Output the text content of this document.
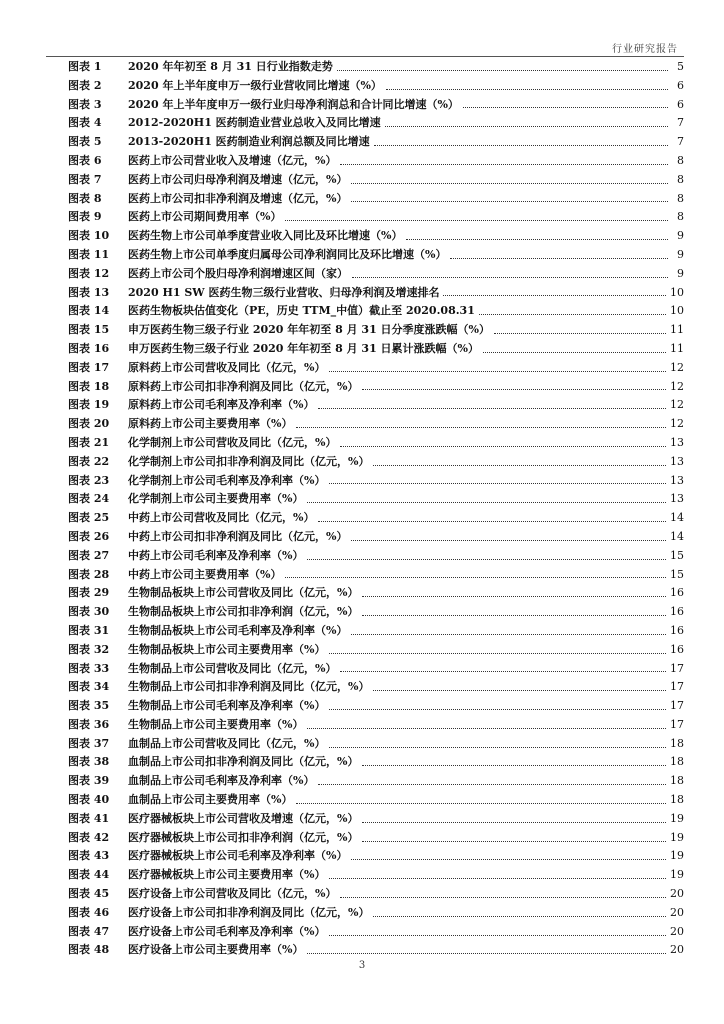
行业研究报告
图表 1	2020 年年初至 8 月 31 日行业指数走势	5
图表 2	2020 年上半年度申万一级行业营收同比增速（%）	6
图表 3	2020 年上半年度申万一级行业归母净利润总和合计同比增速（%）	6
图表 4	2012-2020H1 医药制造业营业总收入及同比增速	7
图表 5	2013-2020H1 医药制造业利润总额及同比增速	7
图表 6	医药上市公司营业收入及增速（亿元，%）	8
图表 7	医药上市公司归母净利润及增速（亿元，%）	8
图表 8	医药上市公司扣非净利润及增速（亿元，%）	8
图表 9	医药上市公司期间费用率（%）	8
图表 10	医药生物上市公司单季度营业收入同比及环比增速（%）	9
图表 11	医药生物上市公司单季度归属母公司净利润同比及环比增速（%）	9
图表 12	医药上市公司个股归母净利润增速区间（家）	9
图表 13	2020 H1 SW 医药生物三级行业营收、归母净利润及增速排名	10
图表 14	医药生物板块估值变化（PE，历史 TTM_中值）截止至 2020.08.31	10
图表 15	申万医药生物三级子行业 2020 年年初至 8 月 31 日分季度涨跌幅（%）	11
图表 16	申万医药生物三级子行业 2020 年年初至 8 月 31 日累计涨跌幅（%）	11
图表 17	原料药上市公司营收及同比（亿元，%）	12
图表 18	原料药上市公司扣非净利润及同比（亿元，%）	12
图表 19	原料药上市公司毛利率及净利率（%）	12
图表 20	原料药上市公司主要费用率（%）	12
图表 21	化学制剂上市公司营收及同比（亿元，%）	13
图表 22	化学制剂上市公司扣非净利润及同比（亿元，%）	13
图表 23	化学制剂上市公司毛利率及净利率（%）	13
图表 24	化学制剂上市公司主要费用率（%）	13
图表 25	中药上市公司营收及同比（亿元，%）	14
图表 26	中药上市公司扣非净利润及同比（亿元，%）	14
图表 27	中药上市公司毛利率及净利率（%）	15
图表 28	中药上市公司主要费用率（%）	15
图表 29	生物制品板块上市公司营收及同比（亿元，%）	16
图表 30	生物制品板块上市公司扣非净利润（亿元，%）	16
图表 31	生物制品板块上市公司毛利率及净利率（%）	16
图表 32	生物制品板块上市公司主要费用率（%）	16
图表 33	生物制品上市公司营收及同比（亿元，%）	17
图表 34	生物制品上市公司扣非净利润及同比（亿元，%）	17
图表 35	生物制品上市公司毛利率及净利率（%）	17
图表 36	生物制品上市公司主要费用率（%）	17
图表 37	血制品上市公司营收及同比（亿元，%）	18
图表 38	血制品上市公司扣非净利润及同比（亿元，%）	18
图表 39	血制品上市公司毛利率及净利率（%）	18
图表 40	血制品上市公司主要费用率（%）	18
图表 41	医疗器械板块上市公司营收及增速（亿元，%）	19
图表 42	医疗器械板块上市公司扣非净利润（亿元，%）	19
图表 43	医疗器械板块上市公司毛利率及净利率（%）	19
图表 44	医疗器械板块上市公司主要费用率（%）	19
图表 45	医疗设备上市公司营收及同比（亿元，%）	20
图表 46	医疗设备上市公司扣非净利润及同比（亿元，%）	20
图表 47	医疗设备上市公司毛利率及净利率（%）	20
图表 48	医疗设备上市公司主要费用率（%）	20
3
